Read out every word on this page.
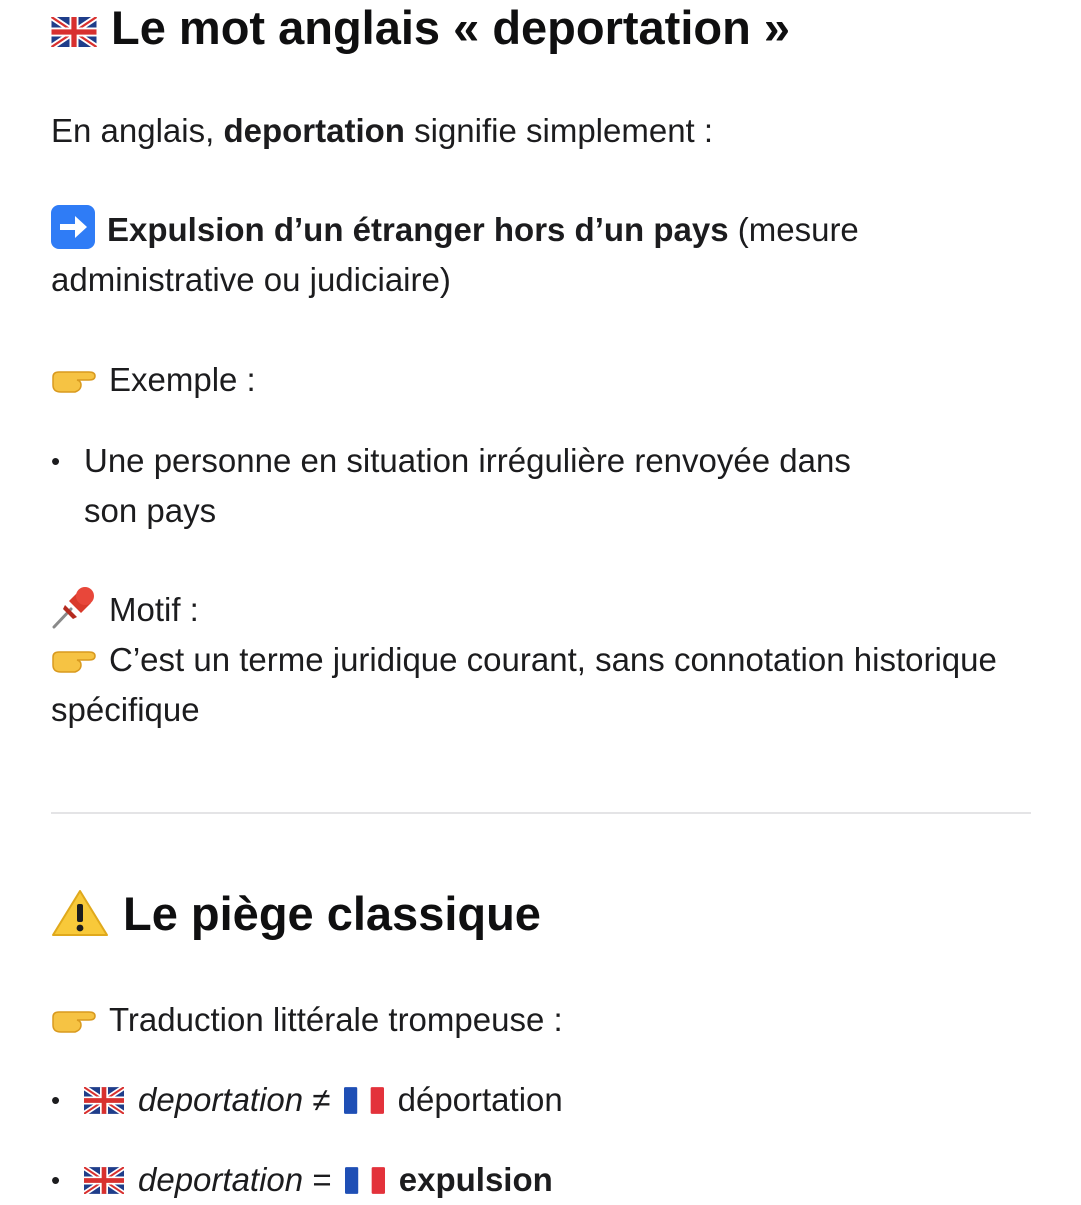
Le mot anglais « deportation »

En anglais, deportation signifie simplement :

Expulsion d’un étranger hors d’un pays (mesure administrative ou judiciaire)

Exemple :

• Une personne en situation irrégulière renvoyée dans
son pays

Motif :

C’est un terme juridique courant, sans connotation historique spécifique

Le piège classique

Traduction littérale trompeuse :

•	deportation ≠ déportation
•	deportation = expulsion
